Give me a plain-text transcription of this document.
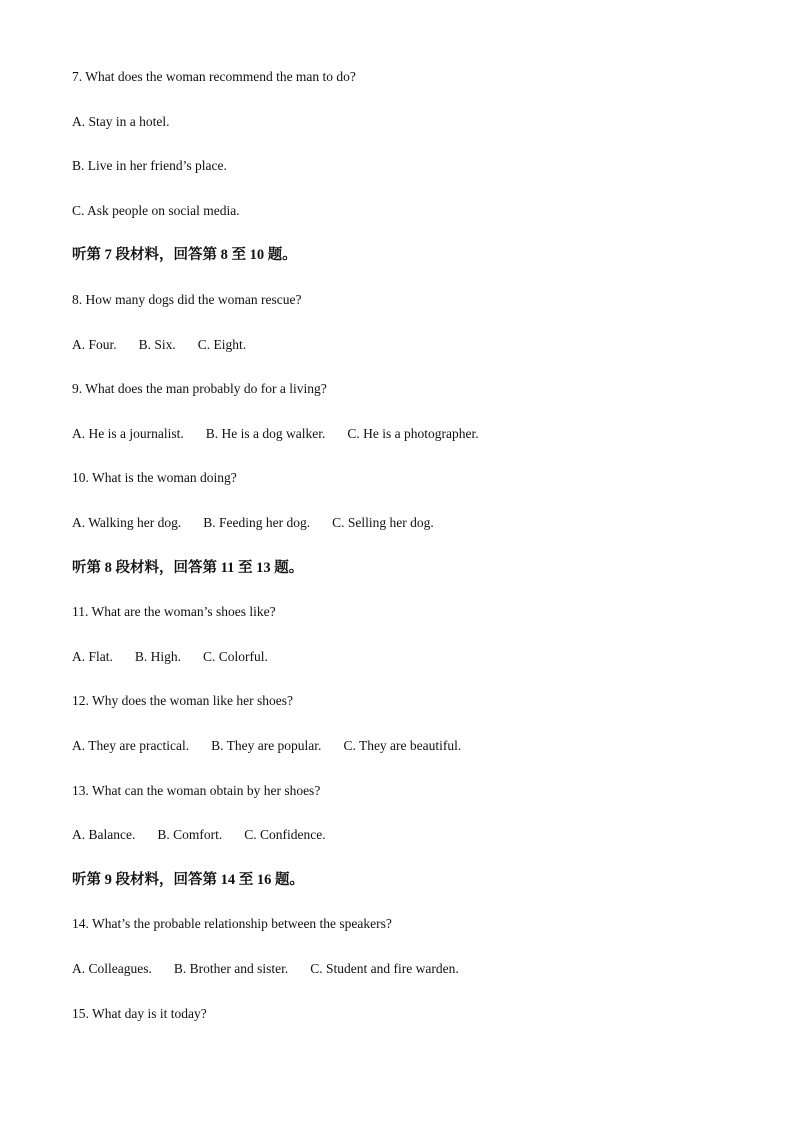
7. What does the woman recommend the man to do?
A. Stay in a hotel.
B. Live in her friend’s place.
C. Ask people on social media.
听第 7 段材料，回答第 8 至 10 题。
8. How many dogs did the woman rescue?
A. Four. B. Six. C. Eight.
9. What does the man probably do for a living?
A. He is a journalist. B. He is a dog walker. C. He is a photographer.
10. What is the woman doing?
A. Walking her dog. B. Feeding her dog. C. Selling her dog.
听第 8 段材料，回答第 11 至 13 题。
11. What are the woman’s shoes like?
A. Flat. B. High. C. Colorful.
12. Why does the woman like her shoes?
A. They are practical. B. They are popular. C. They are beautiful.
13. What can the woman obtain by her shoes?
A. Balance. B. Comfort. C. Confidence.
听第 9 段材料，回答第 14 至 16 题。
14. What’s the probable relationship between the speakers?
A. Colleagues. B. Brother and sister. C. Student and fire warden.
15. What day is it today?
